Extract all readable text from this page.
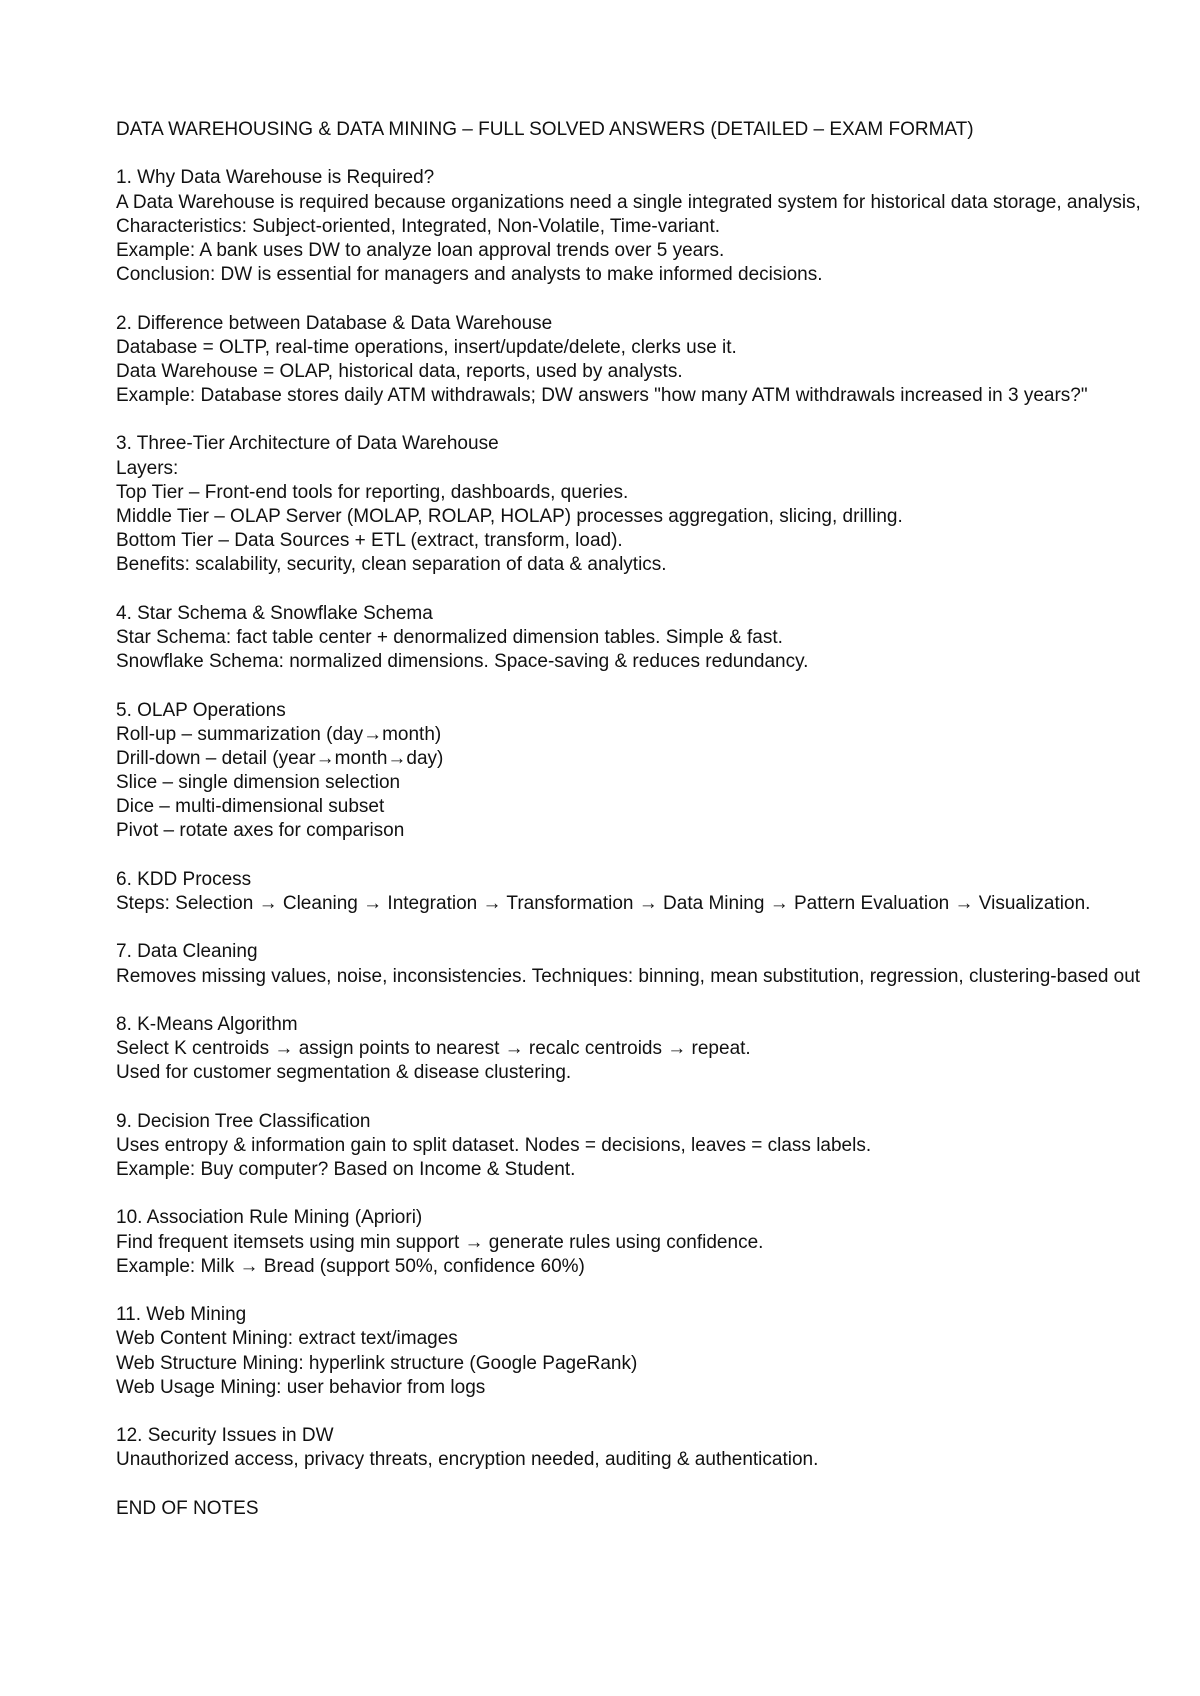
DATA WAREHOUSING & DATA MINING – FULL SOLVED ANSWERS (DETAILED – EXAM FORMAT)
1. Why Data Warehouse is Required?
A Data Warehouse is required because organizations need a single integrated system for historical data storage, analysis,
Characteristics: Subject-oriented, Integrated, Non-Volatile, Time-variant.
Example: A bank uses DW to analyze loan approval trends over 5 years.
Conclusion: DW is essential for managers and analysts to make informed decisions.
2. Difference between Database & Data Warehouse
Database = OLTP, real-time operations, insert/update/delete, clerks use it.
Data Warehouse = OLAP, historical data, reports, used by analysts.
Example: Database stores daily ATM withdrawals; DW answers "how many ATM withdrawals increased in 3 years?"
3. Three-Tier Architecture of Data Warehouse
Layers:
Top Tier – Front-end tools for reporting, dashboards, queries.
Middle Tier – OLAP Server (MOLAP, ROLAP, HOLAP) processes aggregation, slicing, drilling.
Bottom Tier – Data Sources + ETL (extract, transform, load).
Benefits: scalability, security, clean separation of data & analytics.
4. Star Schema & Snowflake Schema
Star Schema: fact table center + denormalized dimension tables. Simple & fast.
Snowflake Schema: normalized dimensions. Space-saving & reduces redundancy.
5. OLAP Operations
Roll-up – summarization (day→month)
Drill-down – detail (year→month→day)
Slice – single dimension selection
Dice – multi-dimensional subset
Pivot – rotate axes for comparison
6. KDD Process
Steps: Selection → Cleaning → Integration → Transformation → Data Mining → Pattern Evaluation → Visualization.
7. Data Cleaning
Removes missing values, noise, inconsistencies. Techniques: binning, mean substitution, regression, clustering-based out
8. K-Means Algorithm
Select K centroids → assign points to nearest → recalc centroids → repeat.
Used for customer segmentation & disease clustering.
9. Decision Tree Classification
Uses entropy & information gain to split dataset. Nodes = decisions, leaves = class labels.
Example: Buy computer? Based on Income & Student.
10. Association Rule Mining (Apriori)
Find frequent itemsets using min support → generate rules using confidence.
Example: Milk → Bread (support 50%, confidence 60%)
11. Web Mining
Web Content Mining: extract text/images
Web Structure Mining: hyperlink structure (Google PageRank)
Web Usage Mining: user behavior from logs
12. Security Issues in DW
Unauthorized access, privacy threats, encryption needed, auditing & authentication.
END OF NOTES
